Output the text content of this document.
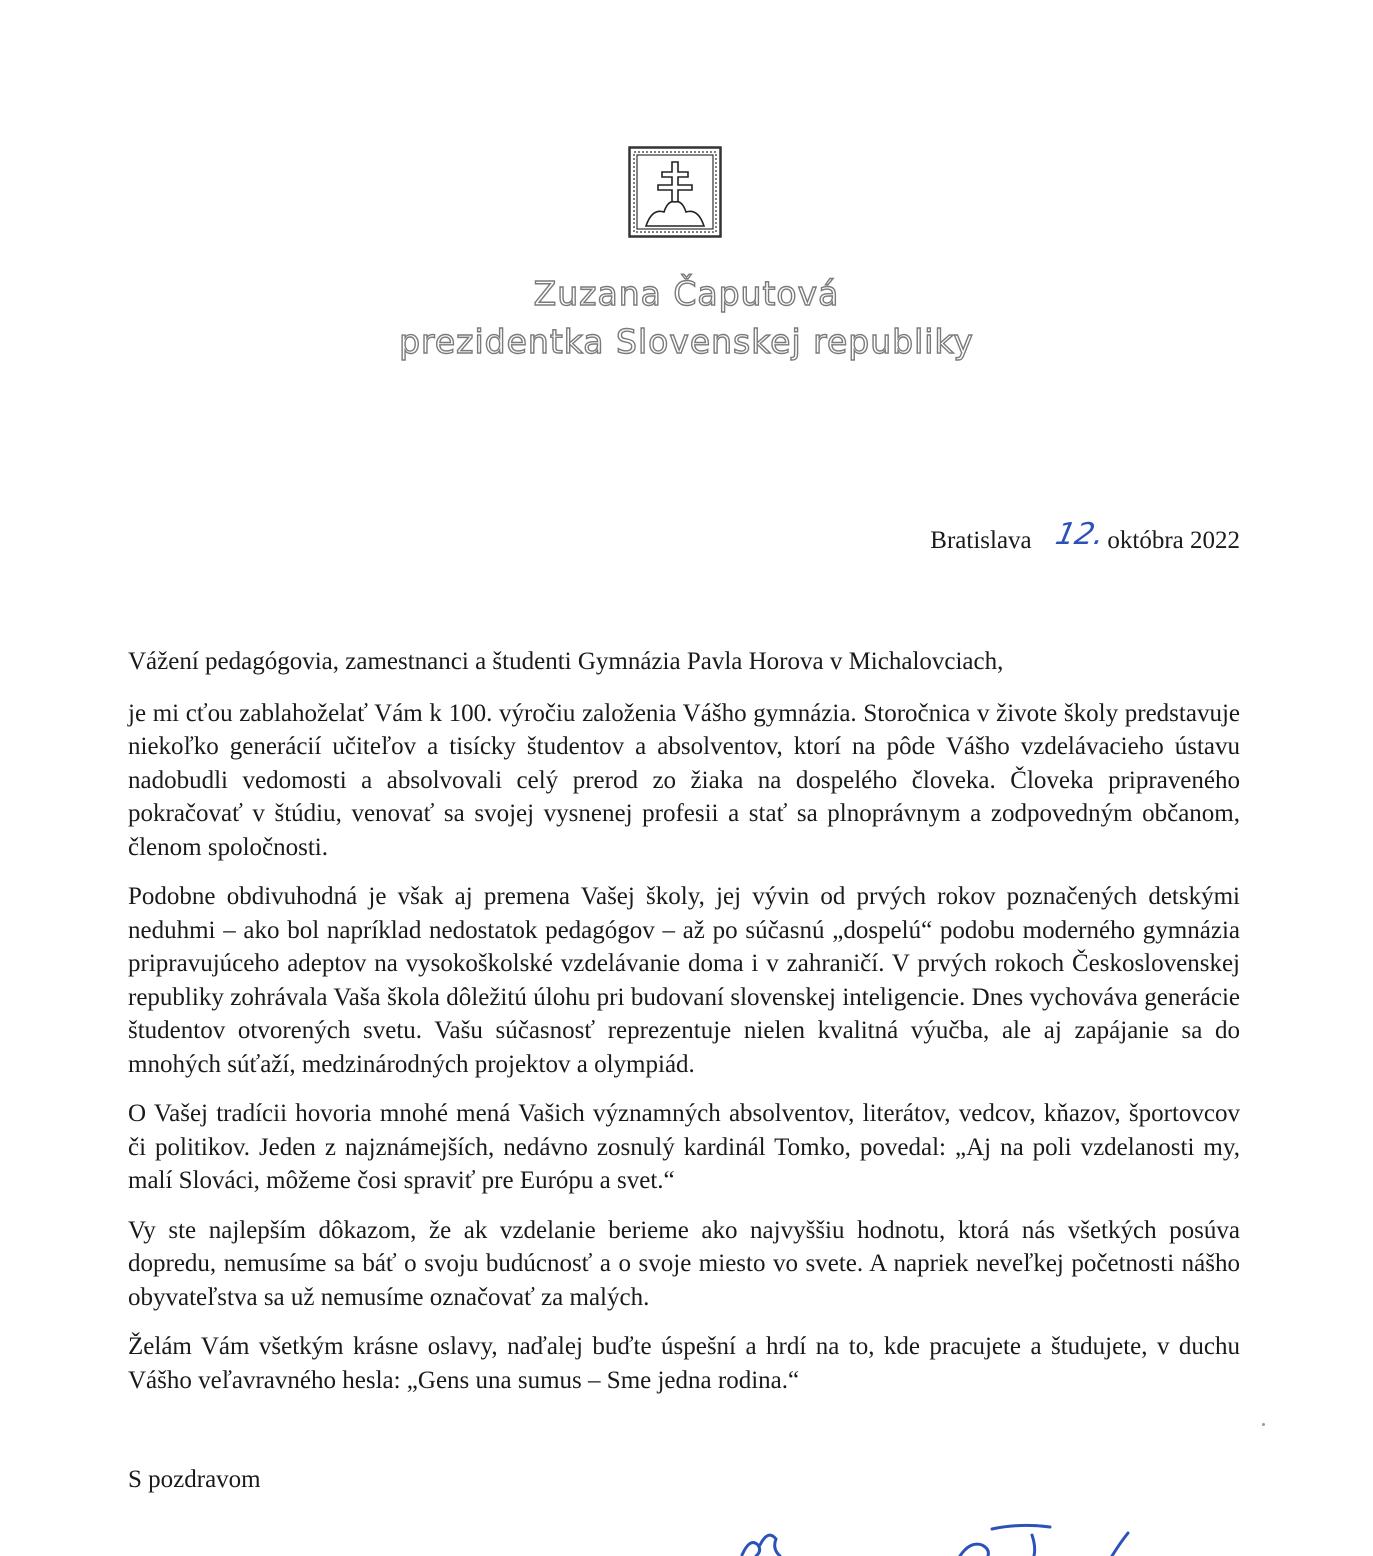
Zuzana Čaputová
prezidentka Slovenskej republiky
Bratislava 12.októbra 2022

Vážení pedagógovia, zamestnanci a študenti Gymnázia Pavla Horova v Michalovciach,

je mi cťou zablahoželať Vám k 100. výročiu založenia Vášho gymnázia. Storočnica v živote školy predstavuje niekoľko generácií učiteľov a tisícky študentov a absolventov, ktorí na pôde Vášho vzdelávacieho ústavu nadobudli vedomosti a absolvovali celý prerod zo žiaka na dospelého človeka. Človeka pripraveného pokračovať v štúdiu, venovať sa svojej vysnenej profesii a stať sa plnoprávnym a zodpovedným občanom, členom spoločnosti.

Podobne obdivuhodná je však aj premena Vašej školy, jej vývin od prvých rokov poznačených detskými neduhmi – ako bol napríklad nedostatok pedagógov – až po súčasnú „dospelú“ podobu moderného gymnázia pripravujúceho adeptov na vysokoškolské vzdelávanie doma i v zahraničí. V prvých rokoch Československej republiky zohrávala Vaša škola dôležitú úlohu pri budovaní slovenskej inteligencie. Dnes vychováva generácie študentov otvorených svetu. Vašu súčasnosť reprezentuje nielen kvalitná výučba, ale aj zapájanie sa do mnohých súťaží, medzinárodných projektov a olympiád.

O Vašej tradícii hovoria mnohé mená Vašich významných absolventov, literátov, vedcov, kňazov, športovcov či politikov. Jeden z najznámejších, nedávno zosnulý kardinál Tomko, povedal: „Aj na poli vzdelanosti my, malí Slováci, môžeme čosi spraviť pre Európu a svet.“

Vy ste najlepším dôkazom, že ak vzdelanie berieme ako najvyššiu hodnotu, ktorá nás všetkých posúva dopredu, nemusíme sa báť o svoju budúcnosť a o svoje miesto vo svete. A napriek neveľkej početnosti nášho obyvateľstva sa už nemusíme označovať za malých.

Želám Vám všetkým krásne oslavy, naďalej buďte úspešní a hrdí na to, kde pracujete a študujete, v duchu Vášho veľavravného hesla: „Gens una sumus – Sme jedna rodina.“

S pozdravom
